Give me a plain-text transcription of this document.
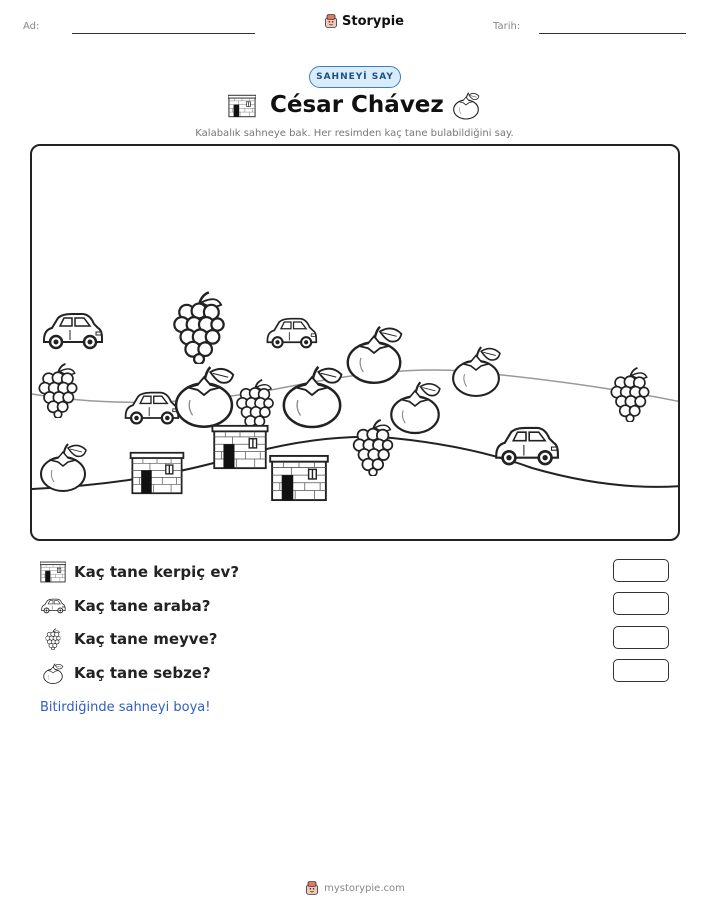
Ad:	Storypie	Tarih:
SAHNEYİ SAY
César Chávez
Kalabalık sahneye bak. Her resimden kaç tane bulabildiğini say.
Kaç tane kerpiç ev?
Kaç tane araba?
Kaç tane meyve?
Kaç tane sebze?
Bitirdiğinde sahneyi boya!
mystorypie.com
